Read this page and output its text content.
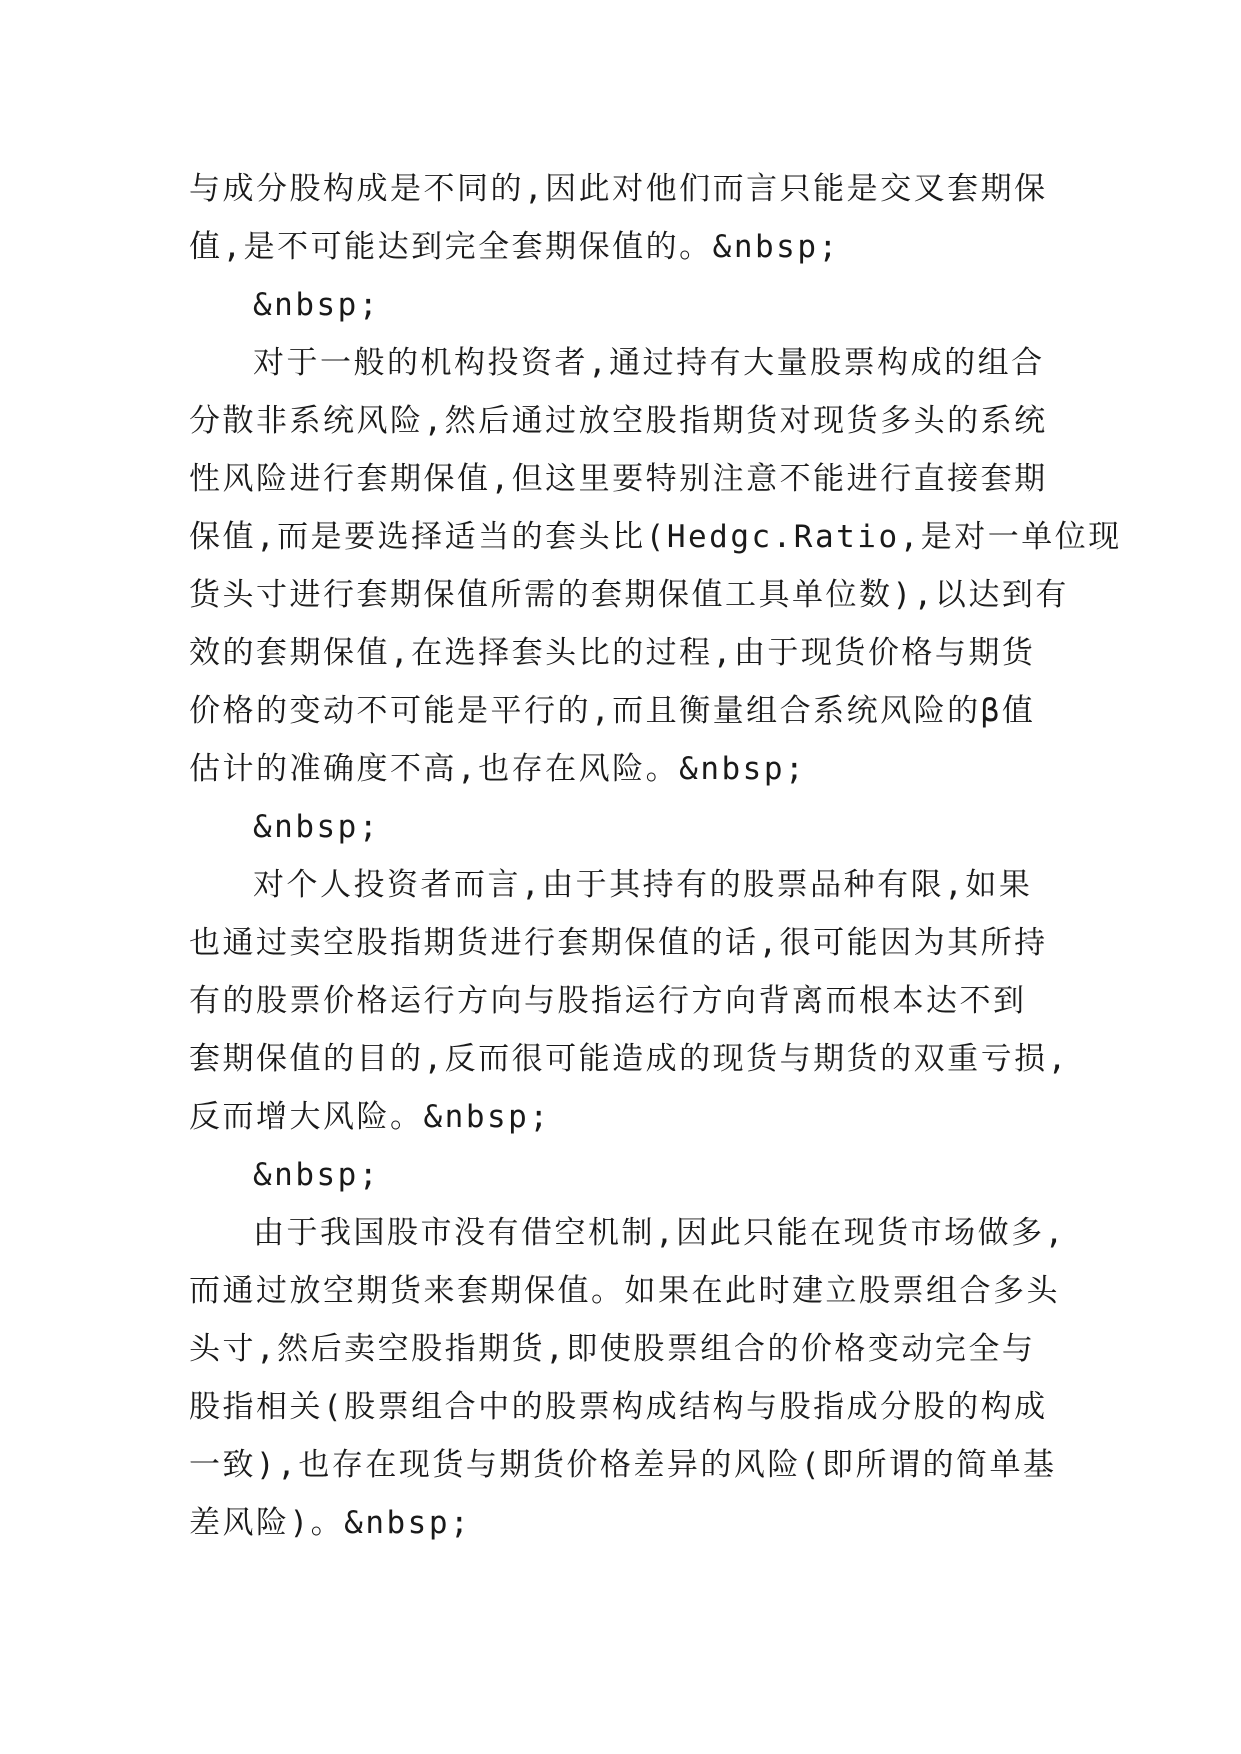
与成分股构成是不同的,因此对他们而言只能是交叉套期保
值,是不可能达到完全套期保值的。&nbsp;
&nbsp;
对于一般的机构投资者,通过持有大量股票构成的组合
分散非系统风险,然后通过放空股指期货对现货多头的系统
性风险进行套期保值,但这里要特别注意不能进行直接套期
保值,而是要选择适当的套头比(Hedgc.Ratio,是对一单位现
货头寸进行套期保值所需的套期保值工具单位数),以达到有
效的套期保值,在选择套头比的过程,由于现货价格与期货
价格的变动不可能是平行的,而且衡量组合系统风险的β值
估计的准确度不高,也存在风险。&nbsp;
&nbsp;
对个人投资者而言,由于其持有的股票品种有限,如果
也通过卖空股指期货进行套期保值的话,很可能因为其所持
有的股票价格运行方向与股指运行方向背离而根本达不到
套期保值的目的,反而很可能造成的现货与期货的双重亏损,
反而增大风险。&nbsp;
&nbsp;
由于我国股市没有借空机制,因此只能在现货市场做多,
而通过放空期货来套期保值。如果在此时建立股票组合多头
头寸,然后卖空股指期货,即使股票组合的价格变动完全与
股指相关(股票组合中的股票构成结构与股指成分股的构成
一致),也存在现货与期货价格差异的风险(即所谓的简单基
差风险)。&nbsp;
